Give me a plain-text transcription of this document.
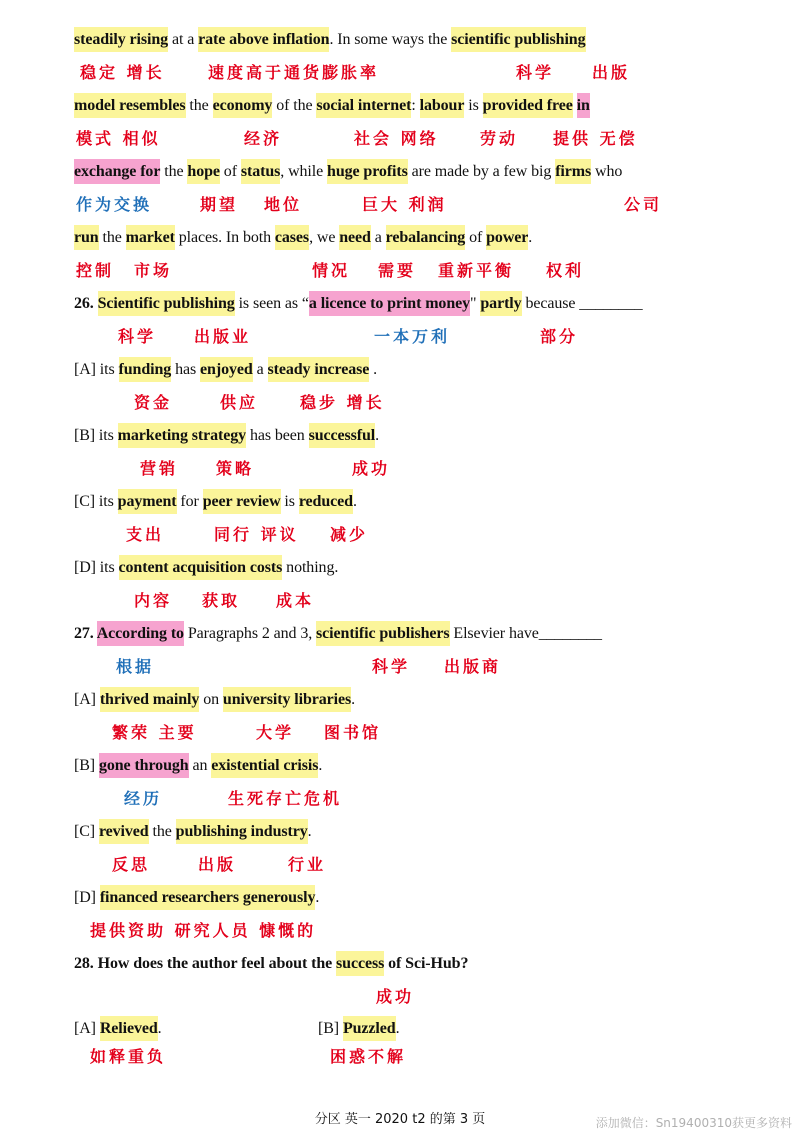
steadily rising at a rate above inflation. In some ways the scientific publishing
model resembles the economy of the social internet: labour is provided free in
exchange for the hope of status, while huge profits are made by a few big firms who
run the market places. In both cases, we need a rebalancing of power.
26. Scientific publishing is seen as “a licence to print money" partly because ________
[A] its funding has enjoyed a steady increase .
[B] its marketing strategy has been successful.
[C] its payment for peer review is reduced.
[D] its content acquisition costs nothing.
27. According to Paragraphs 2 and 3, scientific publishers Elsevier have________
[A] thrived mainly on university libraries.
[B] gone through an existential crisis.
[C] revived the publishing industry.
[D] financed researchers generously.
28. How does the author feel about the success of Sci-Hub?
[A] Relieved.	[B] Puzzled.
稳定 增长	速度高于通货膨胀率	科学 出版
模式 相似	经济	社会 网络	劳动 提供 无偿
作为交换	期望 地位	巨大 利润	公司
控制 市场	情况 需要 重新平衡 权利
科学 出版业	一本万利	部分
资金	供应	稳步 增长
营销 策略	成功
支出	同行 评议 减少
内容 获取 成本
根据	科学 出版商
繁荣 主要	大学 图书馆
经历	生死存亡危机
反思	出版	行业
提供资助 研究人员 慷慨的
成功
如释重负	困惑不解
分区 英一 2020 t2 的第 3 页	添加微信：Sn19400310获更多资料
